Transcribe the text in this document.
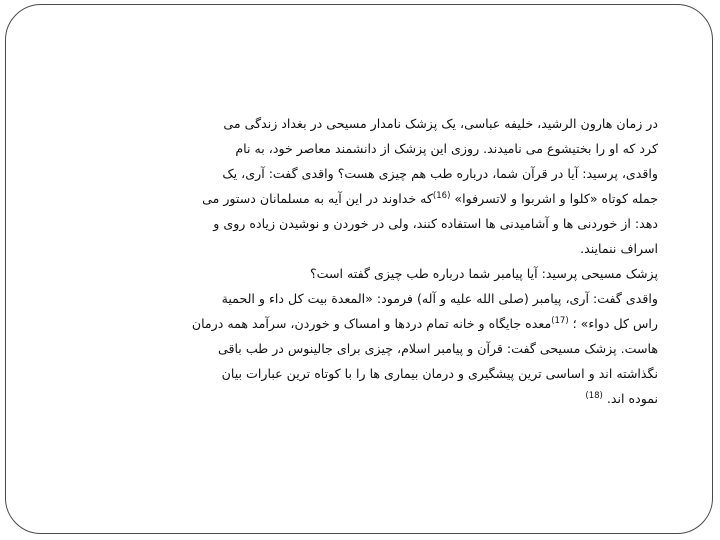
در زمان هارون الرشید، خلیفه عباسی، یک پزشک نامدار مسیحی در بغداد زندگی می
کرد که او را بختیشوع می نامیدند. روزی این پزشک از دانشمند معاصر خود، به نام
واقدی، پرسید: آیا در قرآن شما، درباره طب هم چیزی هست؟ واقدی گفت: آری، یک
جمله کوتاه «کلوا و اشربوا و لاتسرفوا» $^{(16)}$که خداوند در این آیه به مسلمانان دستور می
دهد: از خوردنی ها و آشامیدنی ها استفاده کنند، ولی در خوردن و نوشیدن زیاده روی و
اسراف ننمایند.
پزشک مسیحی پرسید: آیا پیامبر شما درباره طب چیزی گفته است؟
واقدی گفت: آری، پیامبر (صلی الله علیه و آله) فرمود: «المعدة بیت کل داء و الحمیة
راس کل دواء» ؛ $^{(17)}$معده جایگاه و خانه تمام دردها و امساک و خوردن، سرآمد همه درمان
هاست. پزشک مسیحی گفت: قرآن و پیامبر اسلام، چیزی برای جالینوس در طب باقی
نگذاشته اند و اساسی ترین پیشگیری و درمان بیماری ها را با کوتاه ترین عبارات بیان
نموده اند. $^{(18)}$
